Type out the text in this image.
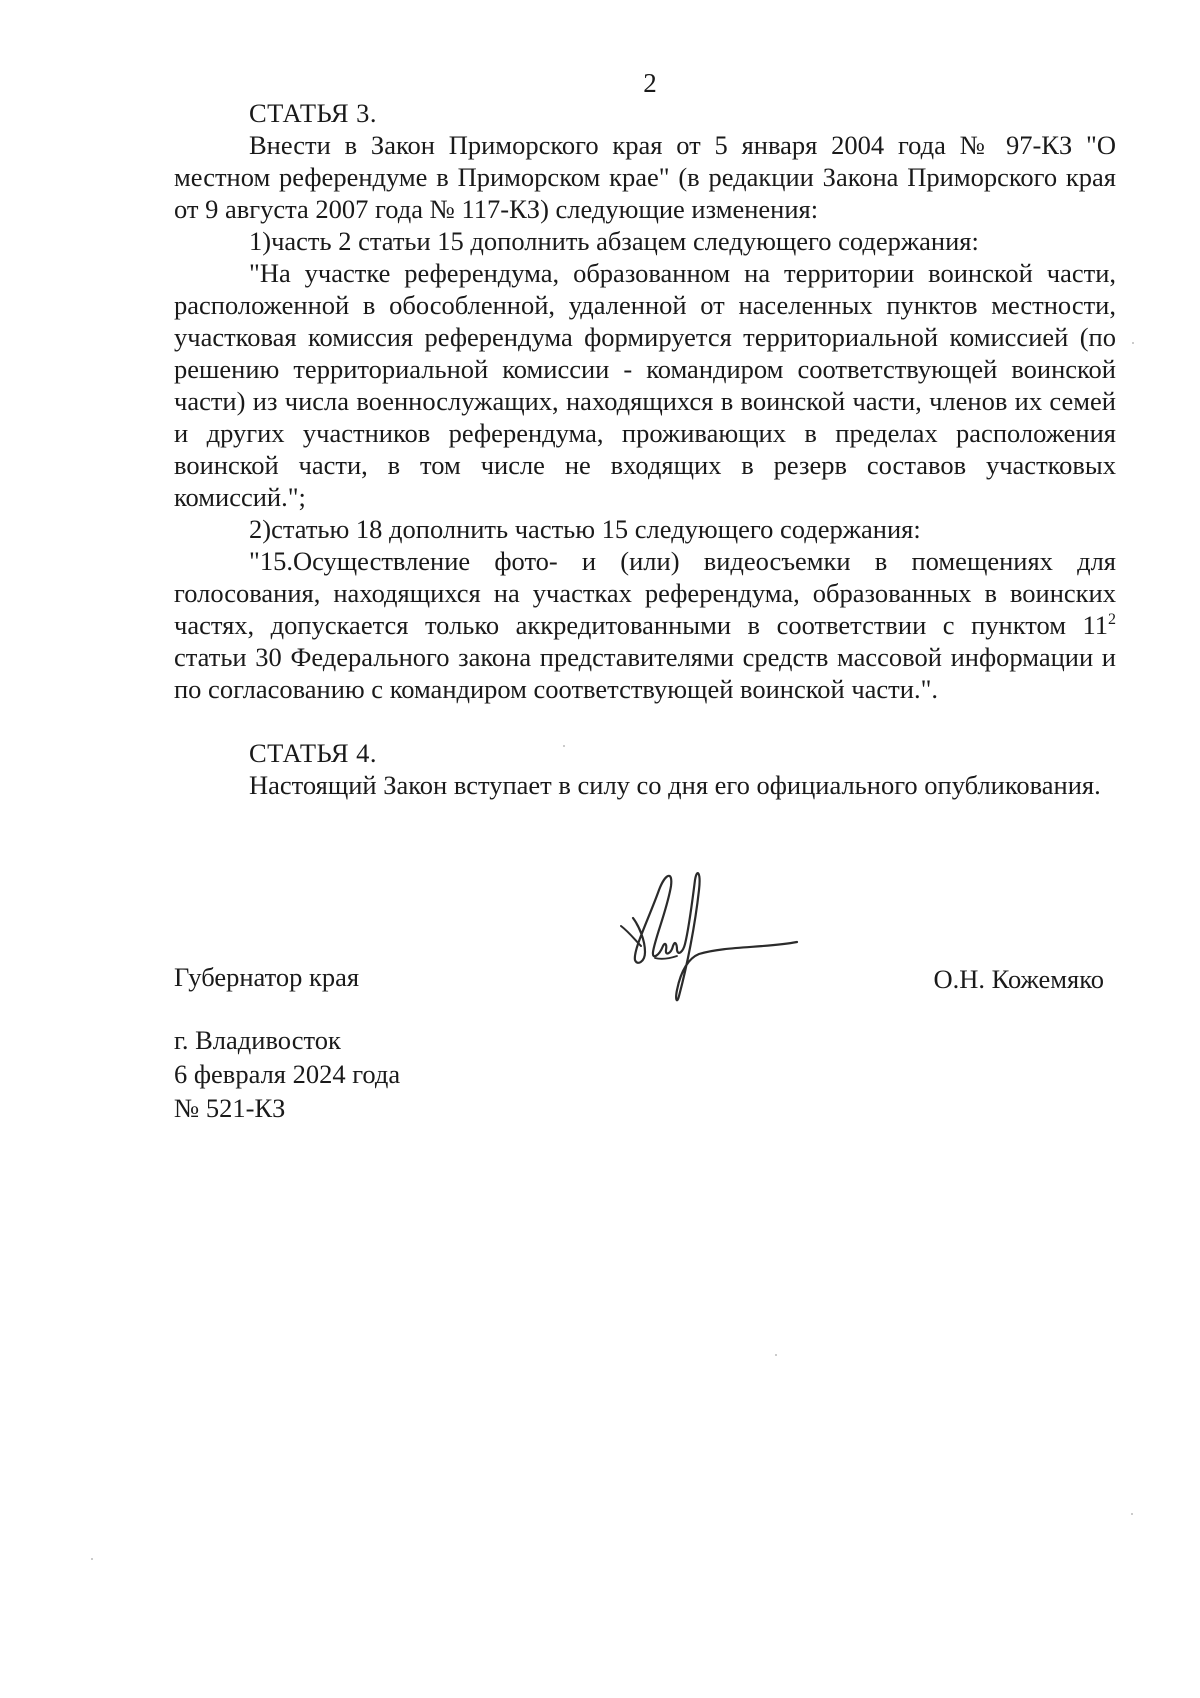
2

СТАТЬЯ 3.

Внести в Закон Приморского края от 5 января 2004 года № 97-КЗ "О местном референдуме в Приморском крае" (в редакции Закона Приморского края от 9 августа 2007 года № 117-КЗ) следующие изменения:

1)часть 2 статьи 15 дополнить абзацем следующего содержания:

"На участке референдума, образованном на территории воинской части, расположенной в обособленной, удаленной от населенных пунктов местности, участковая комиссия референдума формируется территориальной комиссией (по решению территориальной комиссии - командиром соответствующей воинской части) из числа военнослужащих, находящихся в воинской части, членов их семей и других участников референдума, проживающих в пределах расположения воинской части, в том числе не входящих в резерв составов участковых комиссий.";

2)статью 18 дополнить частью 15 следующего содержания:

"15.Осуществление фото- и (или) видеосъемки в помещениях для голосования, находящихся на участках референдума, образованных в воинских частях, допускается только аккредитованными в соответствии с пунктом $11^2$ статьи 30 Федерального закона представителями средств массовой информации и по согласованию с командиром соответствующей воинской части.".

СТАТЬЯ 4.

Настоящий Закон вступает в силу со дня его официального опубликования.

Губернатор края	О.Н. Кожемяко
г. Владивосток
6 февраля 2024 года
№ 521-КЗ
